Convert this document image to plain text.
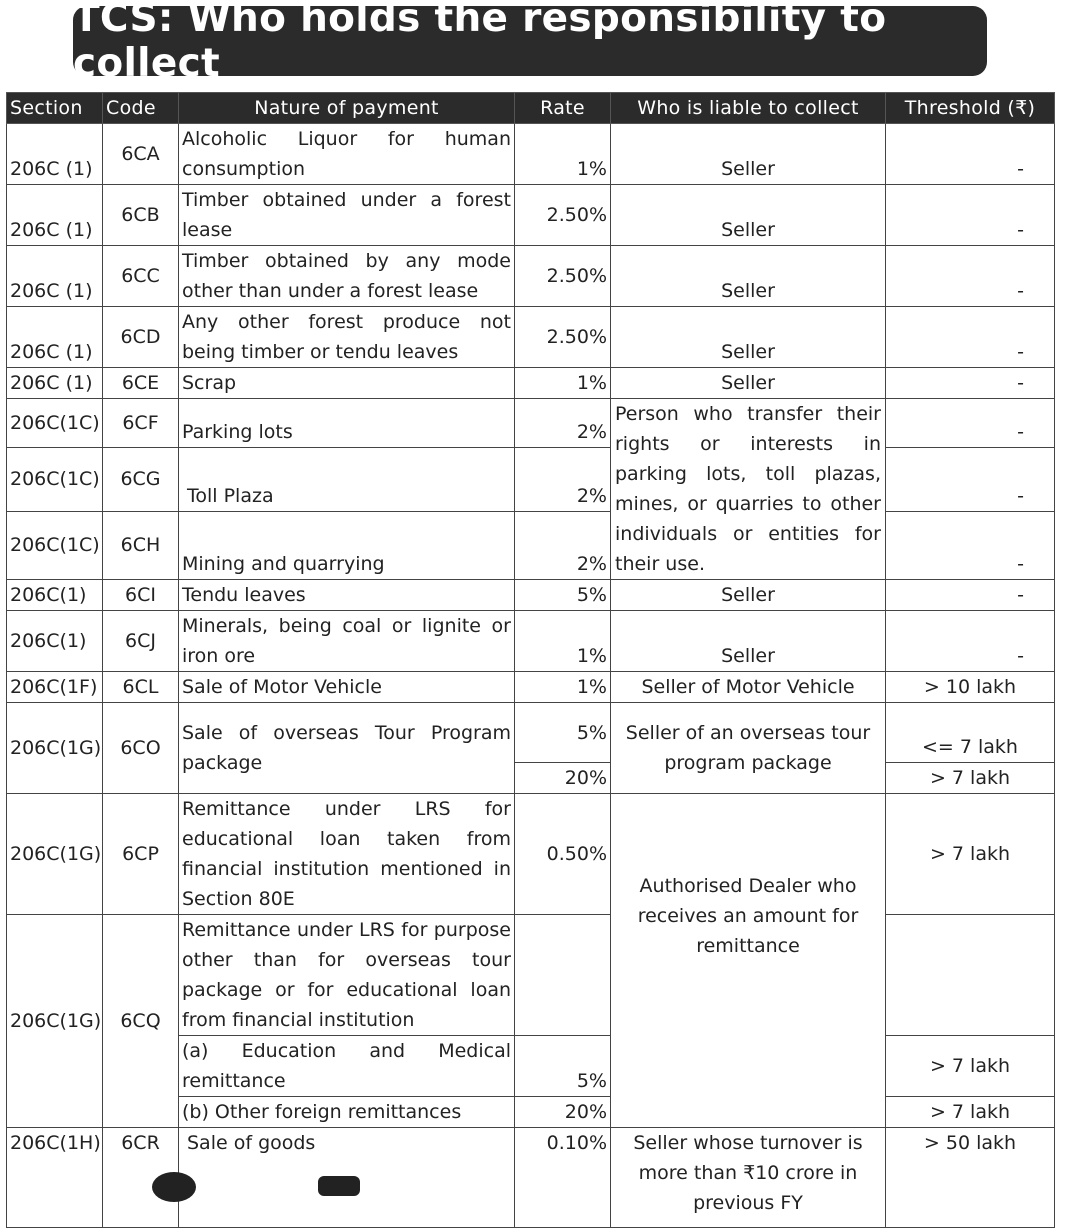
TCS: Who holds the responsibility to collect
Section	Code	Nature of payment	Rate	Who is liable to collect	Threshold (₹)
206C (1)	6CA	Alcoholic Liquor for human consumption	1%	Seller	-
206C (1)	6CB	Timber obtained under a forest lease	2.50%	Seller	-
206C (1)	6CC	Timber obtained by any mode other than under a forest lease	2.50%	Seller	-
206C (1)	6CD	Any other forest produce not being timber or tendu leaves	2.50%	Seller	-
206C (1)	6CE	Scrap	1%	Seller	-
206C(1C)	6CF	Parking lots	2%	Person who transfer their rights or interests in parking lots, toll plazas, mines, or quarries to other individuals or entities for their use.	-
206C(1C)	6CG	Toll Plaza	2%		-
206C(1C)	6CH	Mining and quarrying	2%		-
206C(1)	6CI	Tendu leaves	5%	Seller	-
206C(1)	6CJ	Minerals, being coal or lignite or iron ore	1%	Seller	-
206C(1F)	6CL	Sale of Motor Vehicle	1%	Seller of Motor Vehicle	> 10 lakh
206C(1G)	6CO	Sale of overseas Tour Program package	5%	Seller of an overseas tour program package	<= 7 lakh
			20%		> 7 lakh
206C(1G)	6CP	Remittance under LRS for educational loan taken from financial institution mentioned in Section 80E	0.50%	Authorised Dealer who receives an amount for remittance	> 7 lakh
206C(1G)	6CQ	Remittance under LRS for purpose other than for overseas tour package or for educational loan from financial institution			
		(a) Education and Medical remittance	5%		> 7 lakh
		(b) Other foreign remittances	20%		> 7 lakh
206C(1H)	6CR	Sale of goods	0.10%	Seller whose turnover is more than ₹10 crore in previous FY	> 50 lakh
